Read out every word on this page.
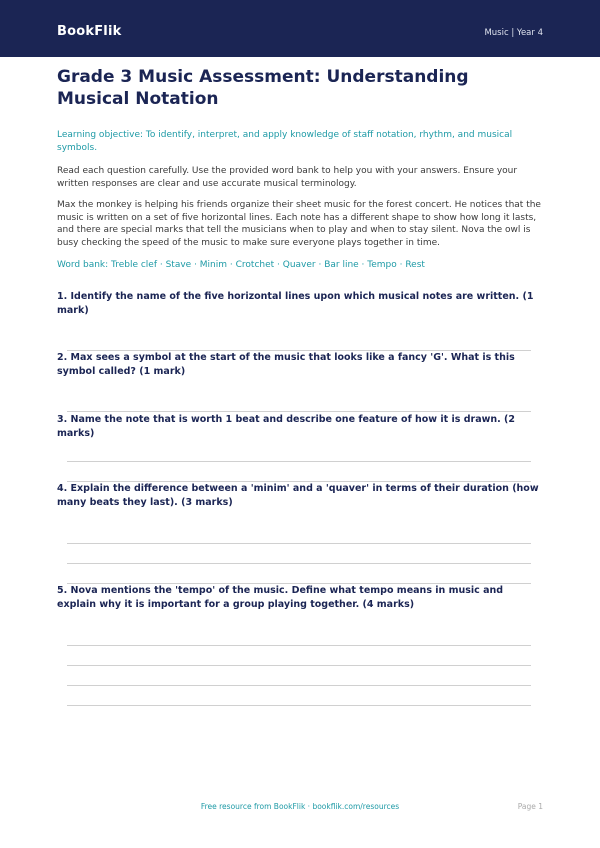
BookFlik	Music | Year 4
Grade 3 Music Assessment: Understanding Musical Notation
Learning objective: To identify, interpret, and apply knowledge of staff notation, rhythm, and musical symbols.
Read each question carefully. Use the provided word bank to help you with your answers. Ensure your written responses are clear and use accurate musical terminology.
Max the monkey is helping his friends organize their sheet music for the forest concert. He notices that the music is written on a set of five horizontal lines. Each note has a different shape to show how long it lasts, and there are special marks that tell the musicians when to play and when to stay silent. Nova the owl is busy checking the speed of the music to make sure everyone plays together in time.
Word bank: Treble clef · Stave · Minim · Crotchet · Quaver · Bar line · Tempo · Rest
1. Identify the name of the five horizontal lines upon which musical notes are written. (1 mark)
2. Max sees a symbol at the start of the music that looks like a fancy 'G'. What is this symbol called? (1 mark)
3. Name the note that is worth 1 beat and describe one feature of how it is drawn. (2 marks)
4. Explain the difference between a 'minim' and a 'quaver' in terms of their duration (how many beats they last). (3 marks)
5. Nova mentions the 'tempo' of the music. Define what tempo means in music and explain why it is important for a group playing together. (4 marks)
Free resource from BookFlik · bookflik.com/resources	Page 1
